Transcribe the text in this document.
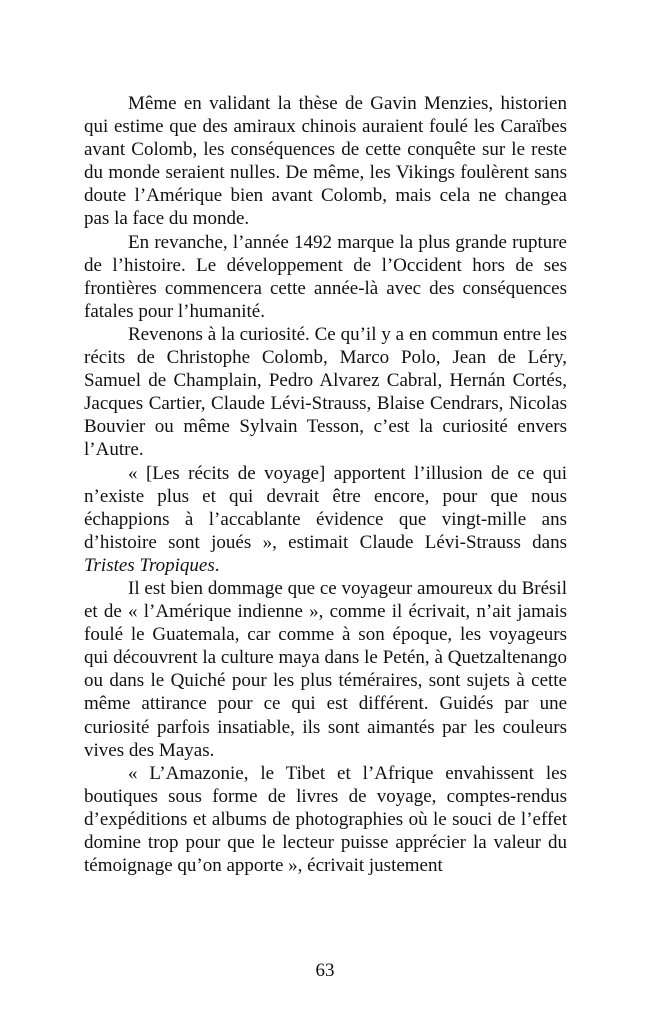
Même en validant la thèse de Gavin Menzies, historien qui estime que des amiraux chinois auraient foulé les Caraïbes avant Colomb, les conséquences de cette conquête sur le reste du monde seraient nulles. De même, les Vikings foulèrent sans doute l’Amérique bien avant Colomb, mais cela ne changea pas la face du monde.

En revanche, l’année 1492 marque la plus grande rupture de l’histoire. Le développement de l’Occident hors de ses frontières commencera cette année-là avec des conséquences fatales pour l’humanité.

Revenons à la curiosité. Ce qu’il y a en commun entre les récits de Christophe Colomb, Marco Polo, Jean de Léry, Samuel de Champlain, Pedro Alvarez Cabral, Hernán Cortés, Jacques Cartier, Claude Lévi-Strauss, Blaise Cendrars, Nicolas Bouvier ou même Sylvain Tesson, c’est la curiosité envers l’Autre.

« [Les récits de voyage] apportent l’illusion de ce qui n’existe plus et qui devrait être encore, pour que nous échappions à l’accablante évidence que vingt-mille ans d’histoire sont joués », estimait Claude Lévi-Strauss dans Tristes Tropiques.

Il est bien dommage que ce voyageur amoureux du Brésil et de « l’Amérique indienne », comme il écrivait, n’ait jamais foulé le Guatemala, car comme à son époque, les voyageurs qui découvrent la culture maya dans le Petén, à Quetzaltenango ou dans le Quiché pour les plus téméraires, sont sujets à cette même attirance pour ce qui est différent. Guidés par une curiosité parfois insatiable, ils sont aimantés par les couleurs vives des Mayas.

« L’Amazonie, le Tibet et l’Afrique envahissent les boutiques sous forme de livres de voyage, comptes-rendus d’expéditions et albums de photographies où le souci de l’effet domine trop pour que le lecteur puisse apprécier la valeur du témoignage qu’on apporte », écrivait justement

63
